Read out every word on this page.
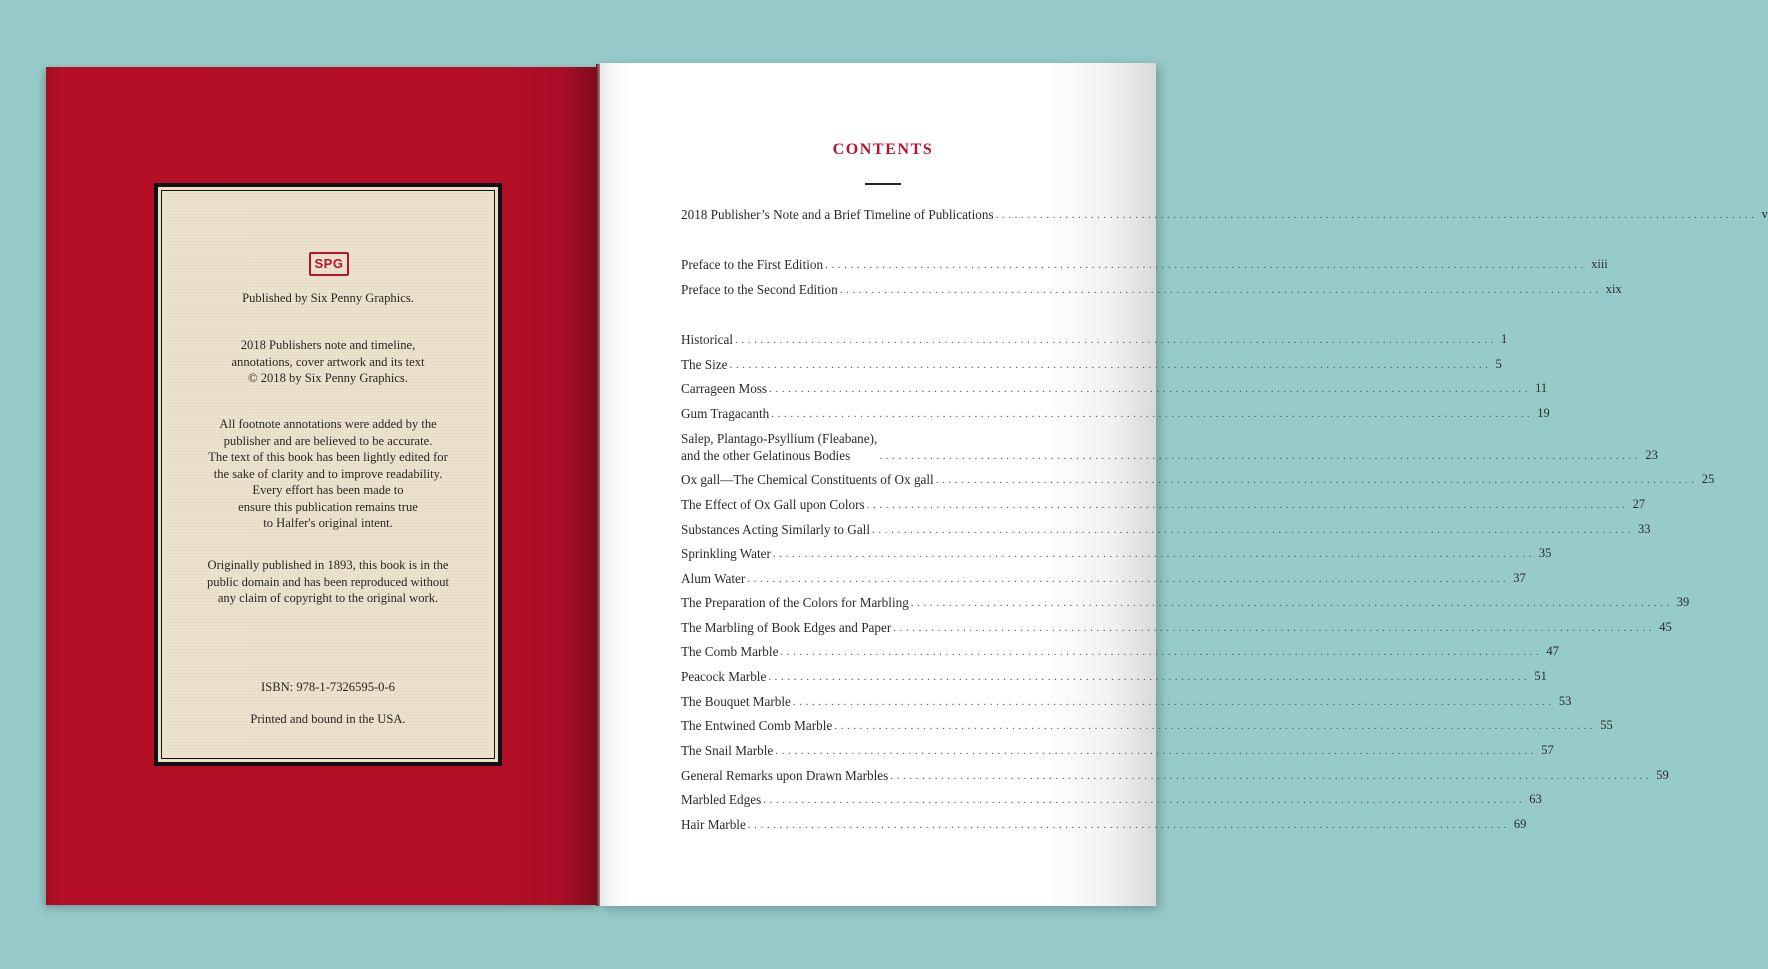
SPG
Published by Six Penny Graphics.
2018 Publishers note and timeline,
annotations, cover artwork and its text
© 2018 by Six Penny Graphics.
All footnote annotations were added by the
publisher and are believed to be accurate.
The text of this book has been lightly edited for
the sake of clarity and to improve readability.
Every effort has been made to
ensure this publication remains true
to Halfer's original intent.
Originally published in 1893, this book is in the
public domain and has been reproduced without
any claim of copyright to the original work.
ISBN: 978-1-7326595-0-6
Printed and bound in the USA.
CONTENTS
2018 Publisher’s Note and a Brief Timeline of Publications ........................................................................................................................ v
Preface to the First Edition ........................................................................................................................ xiii
Preface to the Second Edition ........................................................................................................................ xix
Historical ........................................................................................................................ 1
The Size ........................................................................................................................ 5
Carrageen Moss ........................................................................................................................ 11
Gum Tragacanth ........................................................................................................................ 19
Salep, Plantago-Psyllium (Fleabane),
and the other Gelatinous Bodies	........................................................................................................................ 23
Ox gall—The Chemical Constituents of Ox gall ........................................................................................................................ 25
The Effect of Ox Gall upon Colors ........................................................................................................................ 27
Substances Acting Similarly to Gall ........................................................................................................................ 33
Sprinkling Water ........................................................................................................................ 35
Alum Water ........................................................................................................................ 37
The Preparation of the Colors for Marbling ........................................................................................................................ 39
The Marbling of Book Edges and Paper ........................................................................................................................ 45
The Comb Marble ........................................................................................................................ 47
Peacock Marble ........................................................................................................................ 51
The Bouquet Marble ........................................................................................................................ 53
The Entwined Comb Marble ........................................................................................................................ 55
The Snail Marble ........................................................................................................................ 57
General Remarks upon Drawn Marbles ........................................................................................................................ 59
Marbled Edges ........................................................................................................................ 63
Hair Marble ........................................................................................................................ 69
